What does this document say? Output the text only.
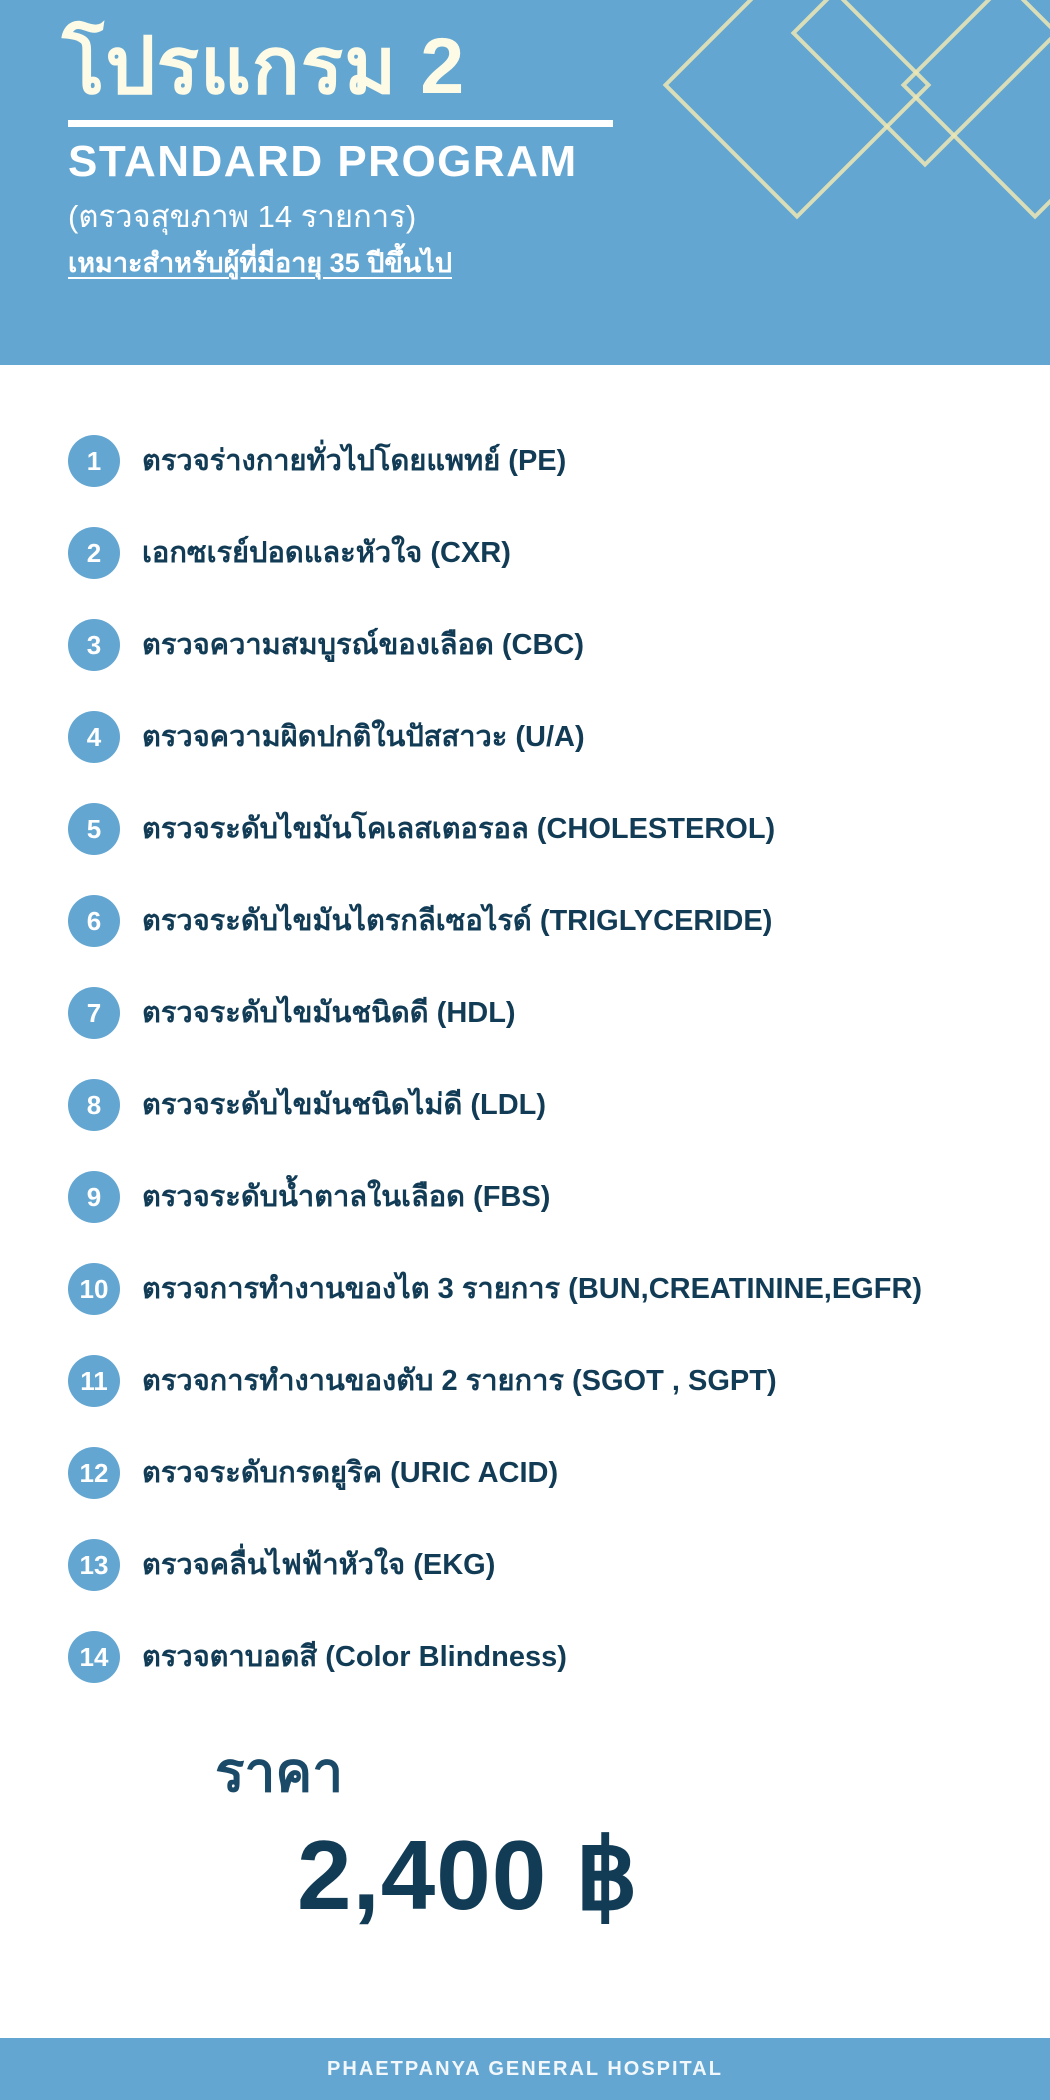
โปรแกรม 2
STANDARD PROGRAM
(ตรวจสุขภาพ 14 รายการ)
เหมาะสำหรับผู้ที่มีอายุ 35 ปีขึ้นไป
1	ตรวจร่างกายทั่วไปโดยแพทย์ (PE)
2	เอกซเรย์ปอดและหัวใจ (CXR)
3	ตรวจความสมบูรณ์ของเลือด (CBC)
4	ตรวจความผิดปกติในปัสสาวะ (U/A)
5	ตรวจระดับไขมันโคเลสเตอรอล (CHOLESTEROL)
6	ตรวจระดับไขมันไตรกลีเซอไรด์ (TRIGLYCERIDE)
7	ตรวจระดับไขมันชนิดดี (HDL)
8	ตรวจระดับไขมันชนิดไม่ดี (LDL)
9	ตรวจระดับน้ำตาลในเลือด (FBS)
10	ตรวจการทำงานของไต 3 รายการ (BUN,CREATININE,EGFR)
11	ตรวจการทำงานของตับ 2 รายการ (SGOT , SGPT)
12	ตรวจระดับกรดยูริค (URIC ACID)
13	ตรวจคลื่นไฟฟ้าหัวใจ (EKG)
14	ตรวจตาบอดสี (Color Blindness)
ราคา
2,400 ฿
PHAETPANYA GENERAL HOSPITAL
